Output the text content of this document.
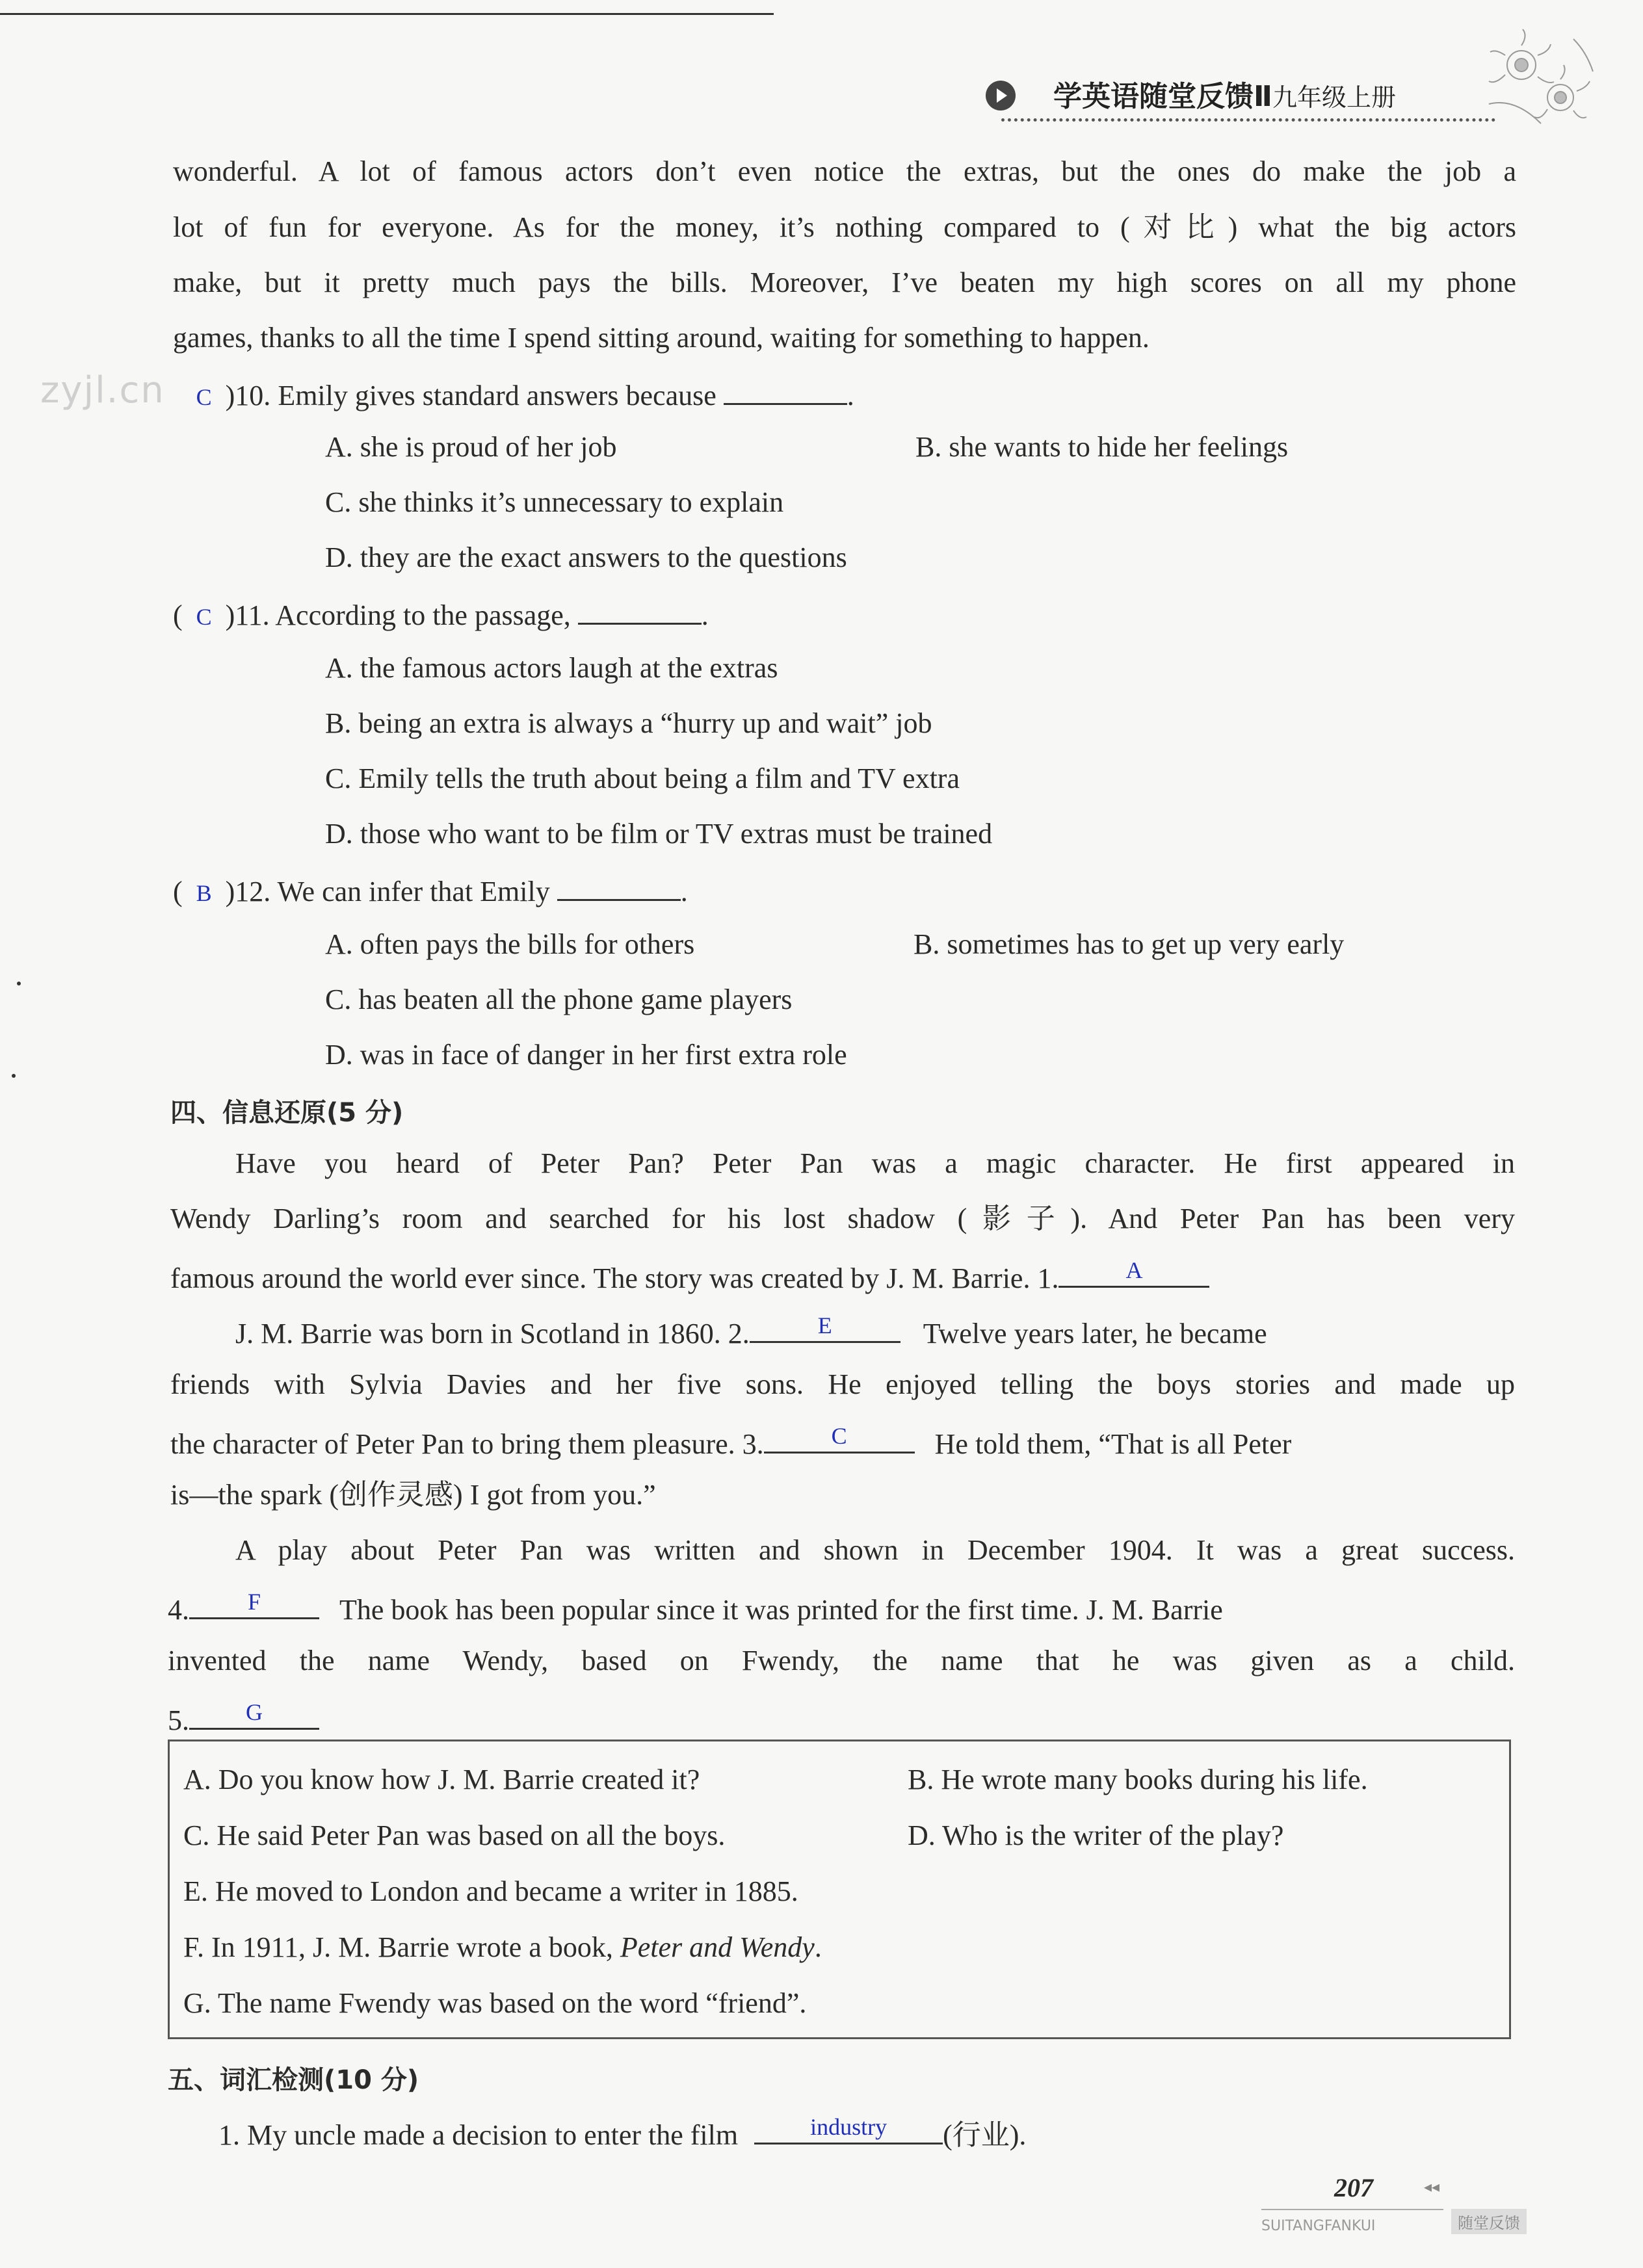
学英语随堂反馈Ⅱ九年级上册
zyjl.cn
wonderful. A lot of famous actors don’t even notice the extras, but the ones do make the job a
lot of fun for everyone. As for the money, it’s nothing compared to (对比) what the big actors
make, but it pretty much pays the bills. Moreover, I’ve beaten my high scores on all my phone
games, thanks to all the time I spend sitting around, waiting for something to happen.
C )10. Emily gives standard answers because	.
A. she is proud of her job	B. she wants to hide her feelings
C. she thinks it’s unnecessary to explain
D. they are the exact answers to the questions
( C )11. According to the passage,	.
A. the famous actors laugh at the extras
B. being an extra is always a “hurry up and wait” job
C. Emily tells the truth about being a film and TV extra
D. those who want to be film or TV extras must be trained
( B )12. We can infer that Emily	.
A. often pays the bills for others	B. sometimes has to get up very early
C. has beaten all the phone game players
D. was in face of danger in her first extra role
四、信息还原(5 分)
Have you heard of Peter Pan? Peter Pan was a magic character. He first appeared in
Wendy Darling’s room and searched for his lost shadow (影子). And Peter Pan has been very
famous around the world ever since. The story was created by J. M. Barrie. 1.	A
J. M. Barrie was born in Scotland in 1860. 2.	E	Twelve years later, he became
friends with Sylvia Davies and her five sons. He enjoyed telling the boys stories and made up
the character of Peter Pan to bring them pleasure. 3.	C	He told them, “That is all Peter
is—the spark (创作灵感) I got from you.”
A play about Peter Pan was written and shown in December 1904. It was a great success.
4.	F	The book has been popular since it was printed for the first time. J. M. Barrie
invented the name Wendy, based on Fwendy, the name that he was given as a child.
5.	G
A. Do you know how J. M. Barrie created it?	B. He wrote many books during his life.
C. He said Peter Pan was based on all the boys.	D. Who is the writer of the play?
E. He moved to London and became a writer in 1885.
F. In 1911, J. M. Barrie wrote a book, Peter and Wendy.
G. The name Fwendy was based on the word “friend”.
五、词汇检测(10 分)
1. My uncle made a decision to enter the film	industry	(行业).
207	◂◂
SUITANGFANKUI	随堂反馈
